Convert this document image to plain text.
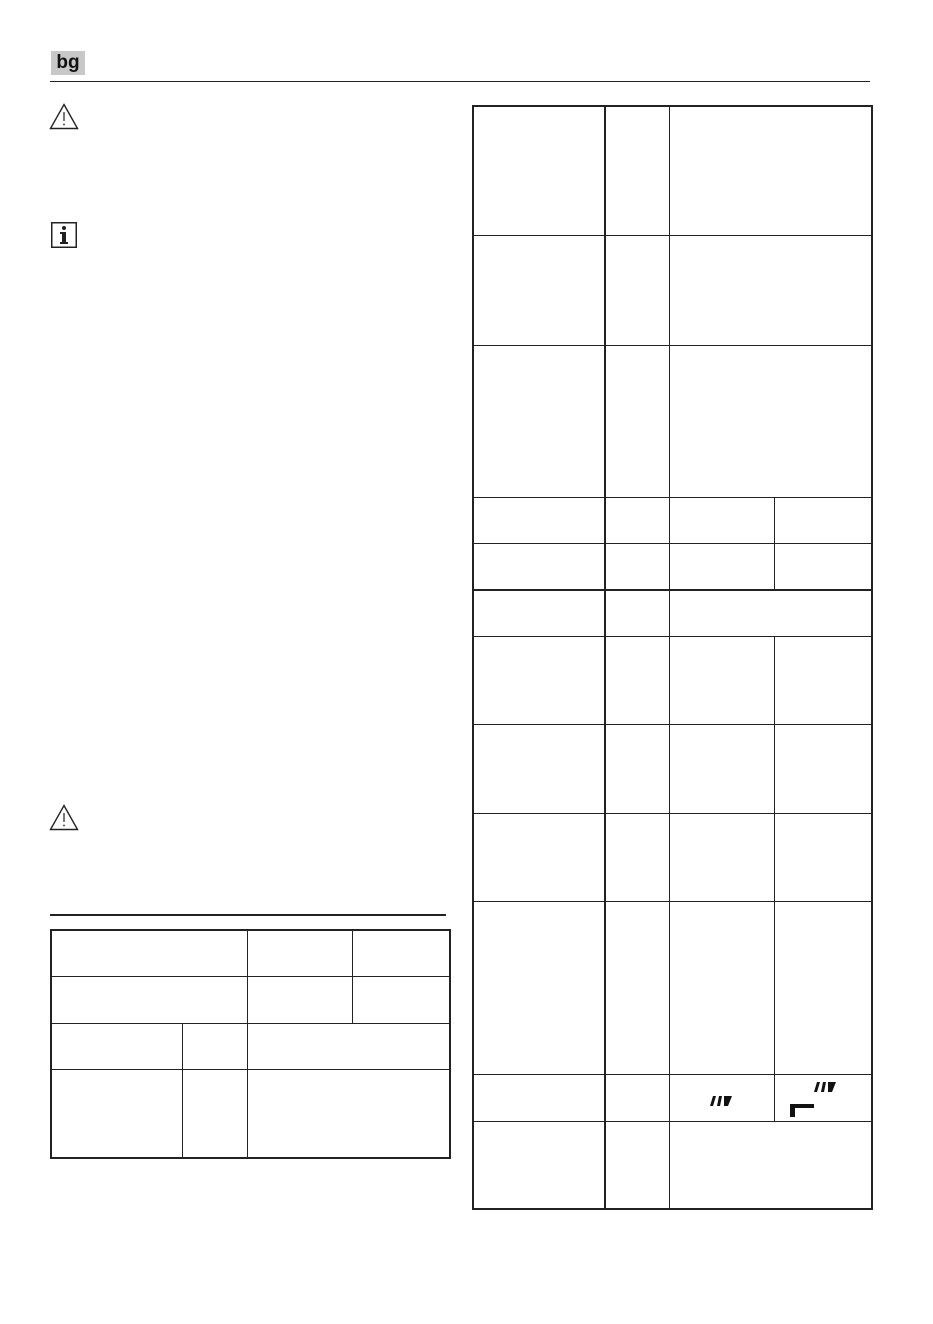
bg
